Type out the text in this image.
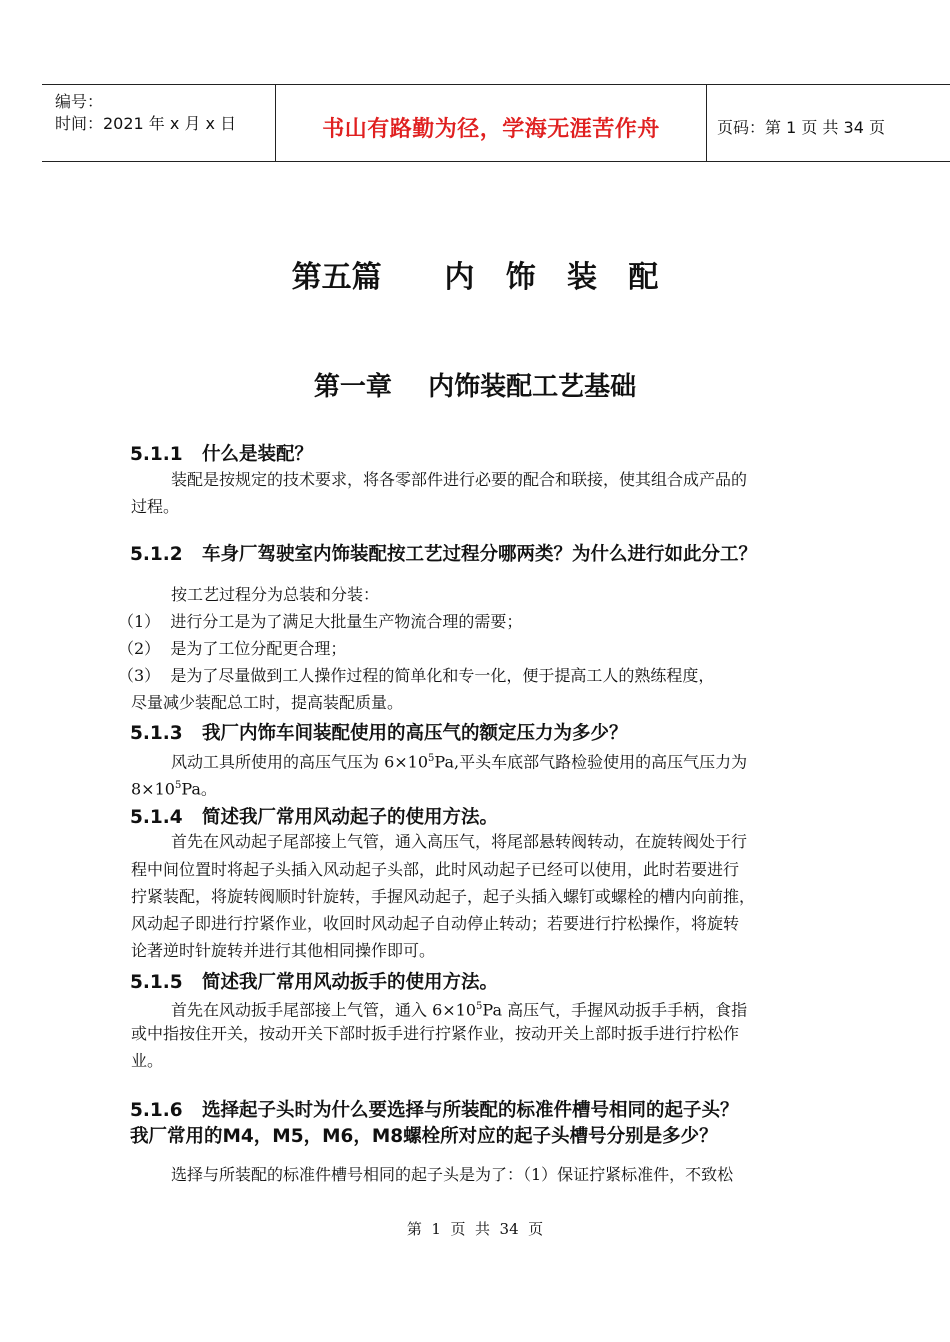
编号：
时间：2021 年 x 月 x 日	书山有路勤为径，学海无涯苦作舟	页码：第 1 页 共 34 页
第五篇      内   饰   装   配
第一章    内饰装配工艺基础
5.1.1   什么是装配？
装配是按规定的技术要求，将各零部件进行必要的配合和联接，使其组合成产品的
过程。
5.1.2   车身厂驾驶室内饰装配按工艺过程分哪两类？为什么进行如此分工？
按工艺过程分为总装和分装：
（1）  进行分工是为了满足大批量生产物流合理的需要；
（2）  是为了工位分配更合理；
（3）  是为了尽量做到工人操作过程的简单化和专一化，便于提高工人的熟练程度，
尽量减少装配总工时，提高装配质量。
5.1.3   我厂内饰车间装配使用的高压气的额定压力为多少？
风动工具所使用的高压气压为 $6\times 10^5Pa$,平头车底部气路检验使用的高压气压力为
$8\times 10^5Pa$。
5.1.4   简述我厂常用风动起子的使用方法。
首先在风动起子尾部接上气管，通入高压气，将尾部悬转阀转动，在旋转阀处于行
程中间位置时将起子头插入风动起子头部，此时风动起子已经可以使用，此时若要进行
拧紧装配，将旋转阀顺时针旋转，手握风动起子，起子头插入螺钉或螺栓的槽内向前推，
风动起子即进行拧紧作业，收回时风动起子自动停止转动；若要进行拧松操作，将旋转
论著逆时针旋转并进行其他相同操作即可。
5.1.5   简述我厂常用风动扳手的使用方法。
首先在风动扳手尾部接上气管，通入 $6\times 10^5Pa$ 高压气，手握风动扳手手柄，食指
或中指按住开关，按动开关下部时扳手进行拧紧作业，按动开关上部时扳手进行拧松作
业。
5.1.6   选择起子头时为什么要选择与所装配的标准件槽号相同的起子头？
我厂常用的M4，M5，M6，M8螺栓所对应的起子头槽号分别是多少？
选择与所装配的标准件槽号相同的起子头是为了：（1）保证拧紧标准件，不致松
第  1  页  共  34  页
